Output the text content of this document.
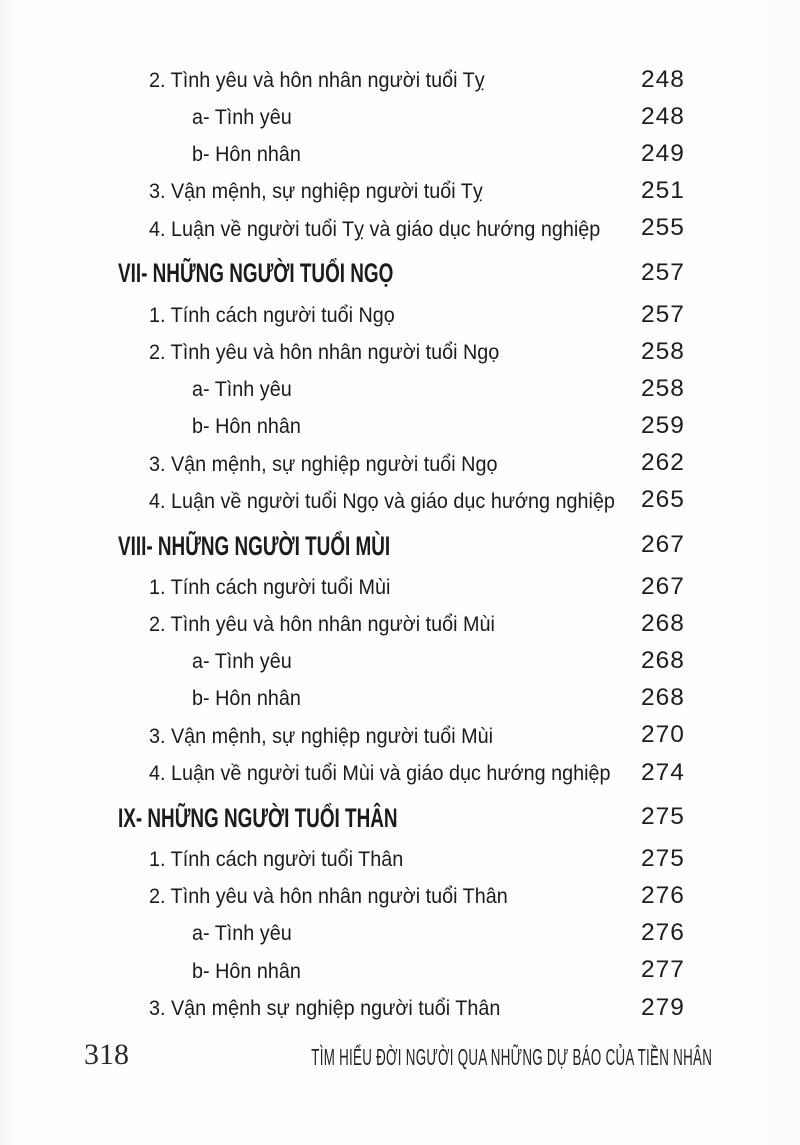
2. Tình yêu và hôn nhân người tuổi Tỵ	248
a- Tình yêu	248
b- Hôn nhân	249
3. Vận mệnh, sự nghiệp người tuổi Tỵ	251
4. Luận về người tuổi Tỵ và giáo dục hướng nghiệp 255
VII- NHỮNG NGƯỜI TUỔI NGỌ	257
1. Tính cách người tuổi Ngọ	257
2. Tình yêu và hôn nhân người tuổi Ngọ	258
a- Tình yêu	258
b- Hôn nhân	259
3. Vận mệnh, sự nghiệp người tuổi Ngọ	262
4. Luận về người tuổi Ngọ và giáo dục hướng nghiệp 265
VIII- NHỮNG NGƯỜI TUỔI MÙI	267
1. Tính cách người tuổi Mùi	267
2. Tình yêu và hôn nhân người tuổi Mùi	268
a- Tình yêu	268
b- Hôn nhân	268
3. Vận mệnh, sự nghiệp người tuổi Mùi	270
4. Luận về người tuổi Mùi và giáo dục hướng nghiệp 274
IX- NHỮNG NGƯỜI TUỔI THÂN	275
1. Tính cách người tuổi Thân	275
2. Tình yêu và hôn nhân người tuổi Thân	276
a- Tình yêu	276
b- Hôn nhân	277
3. Vận mệnh sự nghiệp người tuổi Thân	279
318	TÌM HIỂU ĐỜI NGƯỜI QUA NHỮNG DỰ BÁO CỦA TIỀN NHÂN
